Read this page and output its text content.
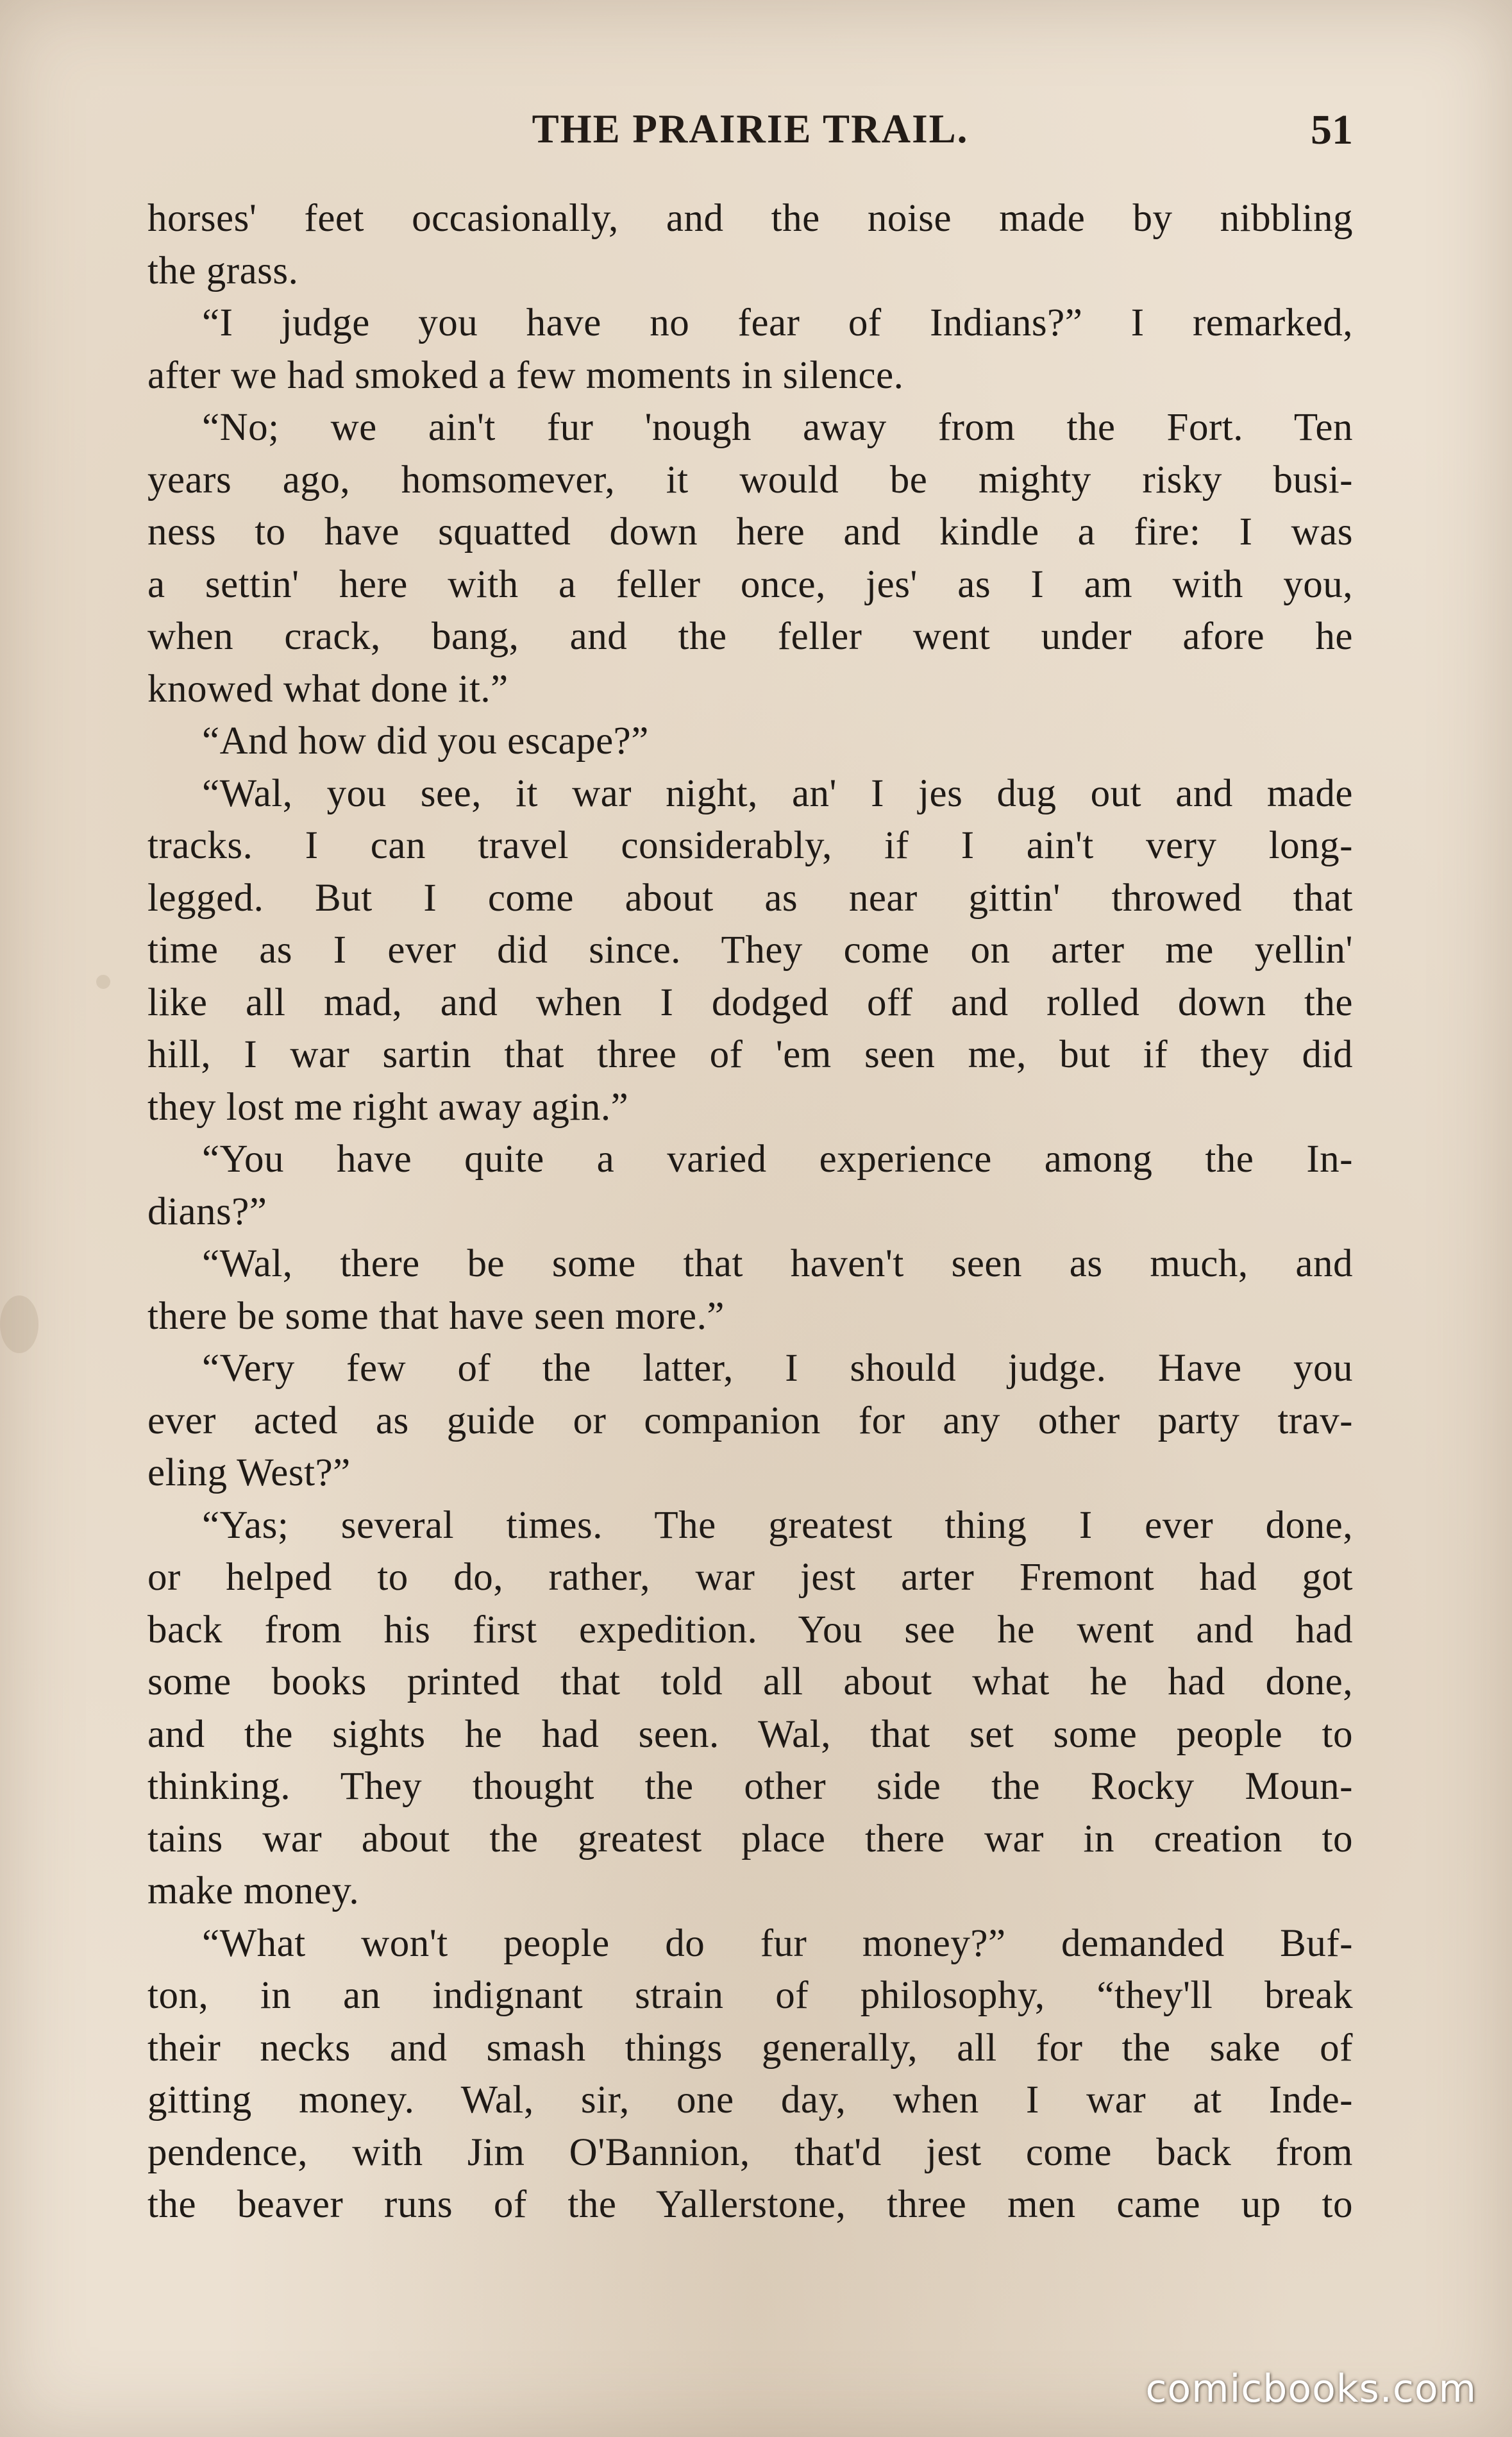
THE PRAIRIE TRAIL.	51
horses' feet occasionally, and the noise made by nibbling
the grass.
“I judge you have no fear of Indians?” I remarked,
after we had smoked a few moments in silence.
“No; we ain't fur 'nough away from the Fort. Ten
years ago, homsomever, it would be mighty risky busi-
ness to have squatted down here and kindle a fire: I was
a settin' here with a feller once, jes' as I am with you,
when crack, bang, and the feller went under afore he
knowed what done it.”
“And how did you escape?”
“Wal, you see, it war night, an' I jes dug out and made
tracks. I can travel considerably, if I ain't very long-
legged. But I come about as near gittin' throwed that
time as I ever did since. They come on arter me yellin'
like all mad, and when I dodged off and rolled down the
hill, I war sartin that three of 'em seen me, but if they did
they lost me right away agin.”
“You have quite a varied experience among the In-
dians?”
“Wal, there be some that haven't seen as much, and
there be some that have seen more.”
“Very few of the latter, I should judge. Have you
ever acted as guide or companion for any other party trav-
eling West?”
“Yas; several times. The greatest thing I ever done,
or helped to do, rather, war jest arter Fremont had got
back from his first expedition. You see he went and had
some books printed that told all about what he had done,
and the sights he had seen. Wal, that set some people to
thinking. They thought the other side the Rocky Moun-
tains war about the greatest place there war in creation to
make money.
“What won't people do fur money?” demanded Buf-
ton, in an indignant strain of philosophy, “they'll break
their necks and smash things generally, all for the sake of
gitting money. Wal, sir, one day, when I war at Inde-
pendence, with Jim O'Bannion, that'd jest come back from
the beaver runs of the Yallerstone, three men came up to
comicbooks.com
